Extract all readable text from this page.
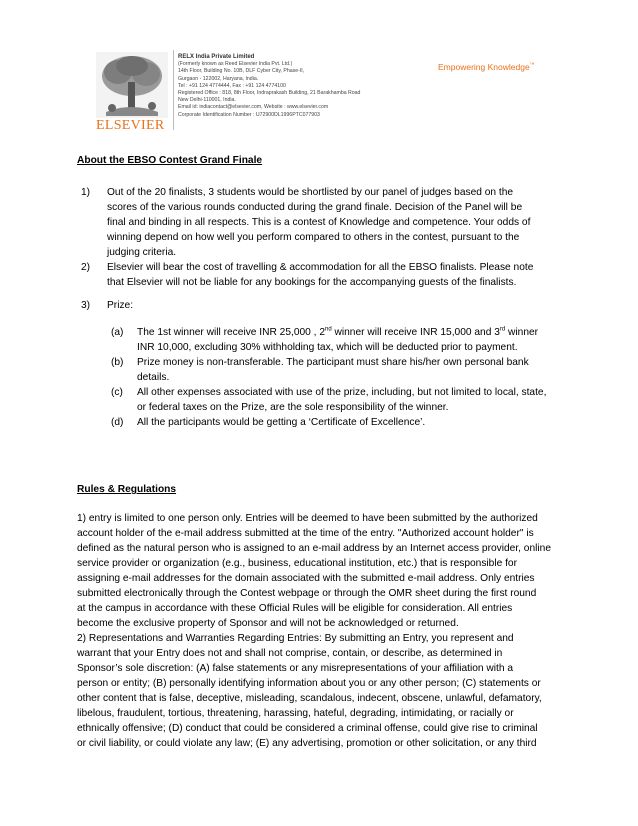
ELSEVIER
RELX India Private Limited
(Formerly known as Reed Elsevier India Pvt. Ltd.)
14th Floor, Building No. 10B, DLF Cyber City, Phase-II,
Gurgaon - 122002, Haryana, India.
Tel : +91 124 4774444, Fax : +91 124 4774100
Registered Office : 818, 8th Floor, Indraprakash Building, 21 Barakhamba Road
New Delhi-110001, India.
Email id: indiacontact@elsevier.com, Website : www.elsevier.com
Corporate Identification Number : U72900DL1996PTC077903
Empowering Knowledge™
About the EBSO Contest Grand Finale
1) Out of the 20 finalists, 3 students would be shortlisted by our panel of judges based on the
scores of the various rounds conducted during the grand finale. Decision of the Panel will be
final and binding in all respects. This is a contest of Knowledge and competence. Your odds of
winning depend on how well you perform compared to others in the contest, pursuant to the
judging criteria.
2) Elsevier will bear the cost of travelling & accommodation for all the EBSO finalists. Please note
that Elsevier will not be liable for any bookings for the accompanying guests of the finalists.
3) Prize:
(a) The 1st winner will receive INR 25,000 , 2nd winner will receive INR 15,000 and 3rd winner
INR 10,000, excluding 30% withholding tax, which will be deducted prior to payment.
(b) Prize money is non-transferable. The participant must share his/her own personal bank
details.
(c) All other expenses associated with use of the prize, including, but not limited to local, state,
or federal taxes on the Prize, are the sole responsibility of the winner.
(d) All the participants would be getting a ‘Certificate of Excellence’.
Rules & Regulations
1) entry is limited to one person only. Entries will be deemed to have been submitted by the authorized
account holder of the e-mail address submitted at the time of the entry. "Authorized account holder" is
defined as the natural person who is assigned to an e-mail address by an Internet access provider, online
service provider or organization (e.g., business, educational institution, etc.) that is responsible for
assigning e-mail addresses for the domain associated with the submitted e-mail address. Only entries
submitted electronically through the Contest webpage or through the OMR sheet during the first round
at the campus in accordance with these Official Rules will be eligible for consideration. All entries
become the exclusive property of Sponsor and will not be acknowledged or returned.
2) Representations and Warranties Regarding Entries: By submitting an Entry, you represent and
warrant that your Entry does not and shall not comprise, contain, or describe, as determined in
Sponsor’s sole discretion: (A) false statements or any misrepresentations of your affiliation with a
person or entity; (B) personally identifying information about you or any other person; (C) statements or
other content that is false, deceptive, misleading, scandalous, indecent, obscene, unlawful, defamatory,
libelous, fraudulent, tortious, threatening, harassing, hateful, degrading, intimidating, or racially or
ethnically offensive; (D) conduct that could be considered a criminal offense, could give rise to criminal
or civil liability, or could violate any law; (E) any advertising, promotion or other solicitation, or any third
